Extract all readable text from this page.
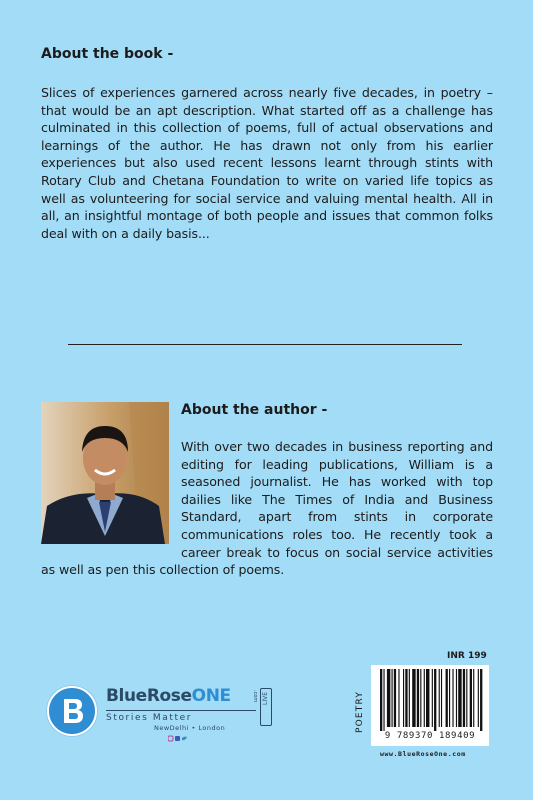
About the book -
Slices of experiences garnered across nearly five decades, in poetry – that would be an apt description. What started off as a challenge has culminated in this collection of poems, full of actual observations and learnings of the author. He has drawn not only from his earlier experiences but also used recent lessons learnt through stints with Rotary Club and Chetana Foundation to write on varied life topics as well as volunteering for social service and valuing mental health. All in all, an insightful montage of both people and issues that common folks deal with on a daily basis...
About the author -
With over two decades in business reporting and editing for leading publications, William is a seasoned journalist. He has worked with top dailies like The Times of India and Business Standard, apart from stints in corporate communications roles too. He recently took a career break to focus on social service activities as well as pen this collection of poems.
BlueRoseONE	.com LIVE
Stories Matter
NewDelhi • London
INR 199
POETRY
9 789370 189409
www.BlueRoseOne.com
